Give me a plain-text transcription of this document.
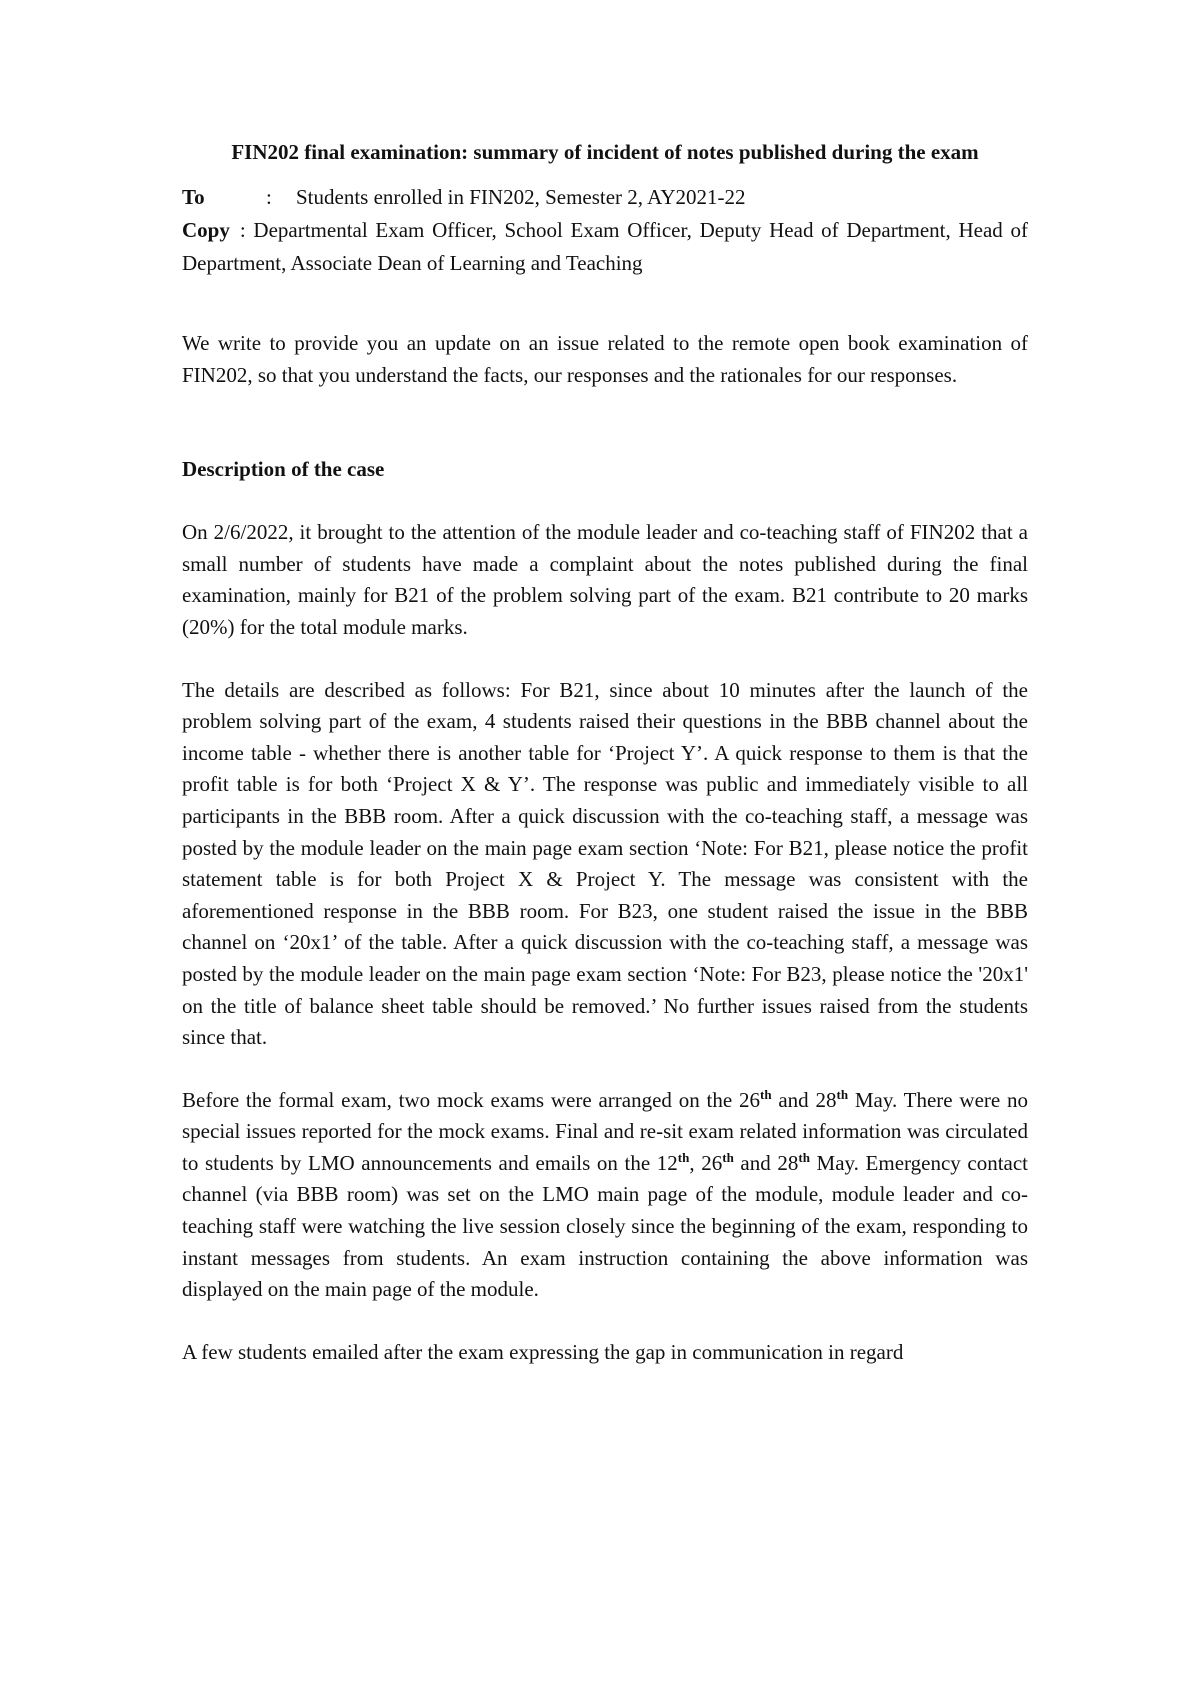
FIN202 final examination: summary of incident of notes published during the exam
To	: Students enrolled in FIN202, Semester 2, AY2021-22
Copy : Departmental Exam Officer, School Exam Officer, Deputy Head of Department, Head of Department, Associate Dean of Learning and Teaching

We write to provide you an update on an issue related to the remote open book examination of FIN202, so that you understand the facts, our responses and the rationales for our responses.

Description of the case

On 2/6/2022, it brought to the attention of the module leader and co-teaching staff of FIN202 that a small number of students have made a complaint about the notes published during the final examination, mainly for B21 of the problem solving part of the exam. B21 contribute to 20 marks (20%) for the total module marks.

The details are described as follows: For B21, since about 10 minutes after the launch of the problem solving part of the exam, 4 students raised their questions in the BBB channel about the income table - whether there is another table for ‘Project Y’. A quick response to them is that the profit table is for both ‘Project X & Y’. The response was public and immediately visible to all participants in the BBB room. After a quick discussion with the co-teaching staff, a message was posted by the module leader on the main page exam section ‘Note: For B21, please notice the profit statement table is for both Project X & Project Y. The message was consistent with the aforementioned response in the BBB room. For B23, one student raised the issue in the BBB channel on ‘20x1’ of the table. After a quick discussion with the co-teaching staff, a message was posted by the module leader on the main page exam section ‘Note: For B23, please notice the '20x1' on the title of balance sheet table should be removed.’ No further issues raised from the students since that.

Before the formal exam, two mock exams were arranged on the 26th and 28th May. There were no special issues reported for the mock exams. Final and re-sit exam related information was circulated to students by LMO announcements and emails on the 12th, 26th and 28th May. Emergency contact channel (via BBB room) was set on the LMO main page of the module, module leader and co-teaching staff were watching the live session closely since the beginning of the exam, responding to instant messages from students. An exam instruction containing the above information was displayed on the main page of the module.

A few students emailed after the exam expressing the gap in communication in regard
